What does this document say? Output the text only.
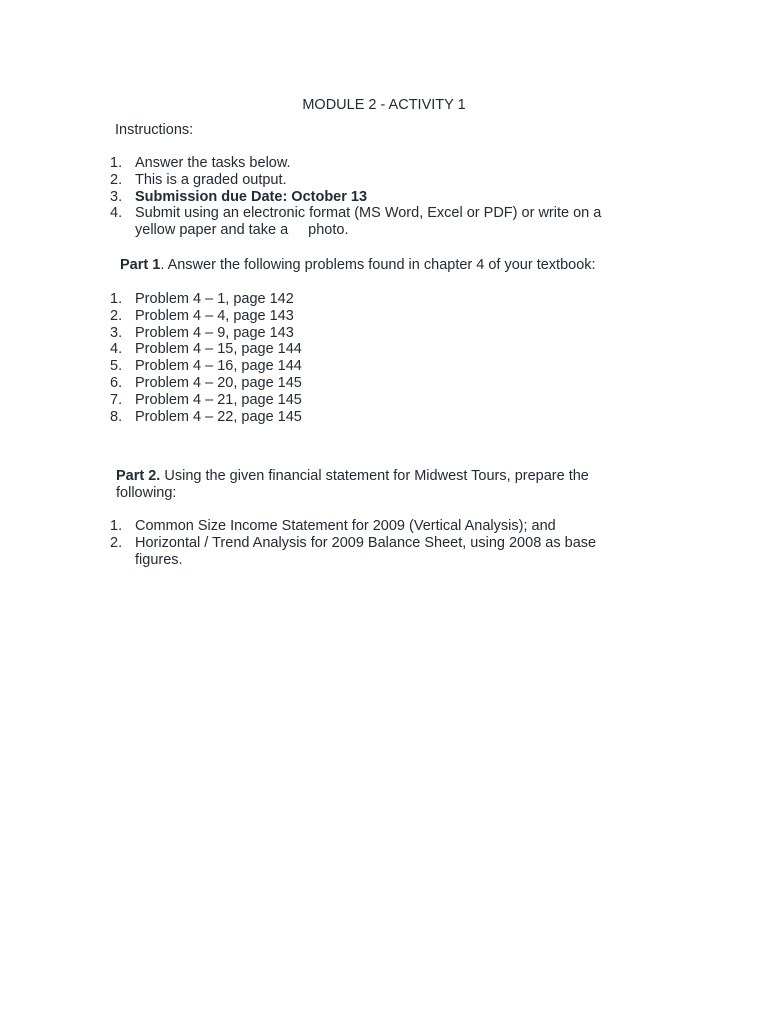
MODULE 2 - ACTIVITY 1
Instructions:
1. Answer the tasks below.
2. This is a graded output.
3. Submission due Date: October 13
4. Submit using an electronic format (MS Word, Excel or PDF) or write on a
yellow paper and take a photo.
Part 1. Answer the following problems found in chapter 4 of your textbook:
1. Problem 4 – 1, page 142
2. Problem 4 – 4, page 143
3. Problem 4 – 9, page 143
4. Problem 4 – 15, page 144
5. Problem 4 – 16, page 144
6. Problem 4 – 20, page 145
7. Problem 4 – 21, page 145
8. Problem 4 – 22, page 145
Part 2. Using the given financial statement for Midwest Tours, prepare the following:
1. Common Size Income Statement for 2009 (Vertical Analysis); and
2. Horizontal / Trend Analysis for 2009 Balance Sheet, using 2008 as base figures.
